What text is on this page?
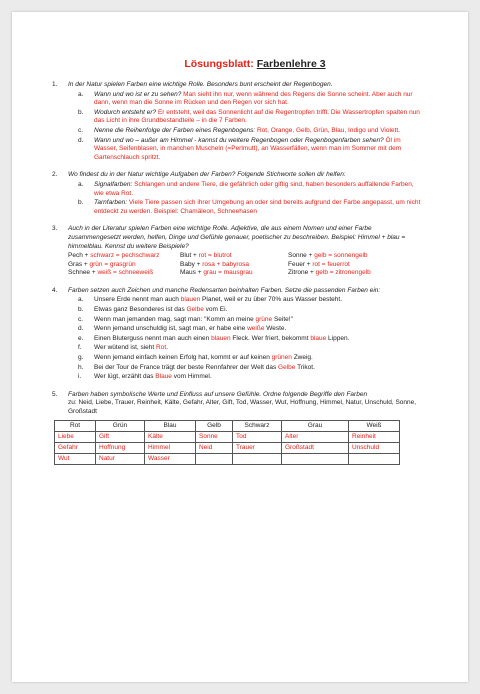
Lösungsblatt: Farbenlehre 3
1.	In der Natur spielen Farben eine wichtige Rolle. Besonders bunt erscheint der Regenbogen.
a.	Wann und wo ist er zu sehen? Man sieht ihn nur, wenn während des Regens die Sonne scheint. Aber auch nur dann, wenn man die Sonne im Rücken und den Regen vor sich hat.
b.	Wodurch entsteht er? Er entsteht, weil das Sonnenlicht auf die Regentropfen trifft. Die Wassertropfen spalten nun das Licht in ihre Grundbestandteile – in die 7 Farben.
c.	Nenne die Reihenfolge der Farben eines Regenbogens: Rot, Orange, Gelb, Grün, Blau, Indigo und Violett.
d.	Wann und wo – außer am Himmel - kannst du weitere Regenbogen oder Regenbogenfarben sehen? Öl im Wasser, Seifenblasen, in manchen Muscheln (=Perlmutt), an Wasserfällen, wenn man im Sommer mit dem Gartenschlauch spritzt.
2.	Wo findest du in der Natur wichtige Aufgaben der Farben? Folgende Stichworte sollen dir helfen:
a.	Signalfarben: Schlangen und andere Tiere, die gefährlich oder giftig sind, haben besonders auffallende Farben, wie etwa Rot.
b.	Tarnfarben: Viele Tiere passen sich ihrer Umgebung an oder sind bereits aufgrund der Farbe angepasst, um nicht entdeckt zu werden. Beispiel: Chamäleon, Schneehasen
3.	Auch in der Literatur spielen Farben eine wichtige Rolle. Adjektive, die aus einem Nomen und einer Farbe zusammengesetzt werden, helfen, Dinge und Gefühle genauer, poetischer zu beschreiben. Beispiel: Himmel + blau = himmelblau. Kennst du weitere Beispiele?
Pech + schwarz = pechschwarz	Blut + rot = blutrot	Sonne + gelb = sonnengelb
Gras + grün = grasgrün	Baby + rosa + babyrosa	Feuer + rot = feuerrot
Schnee + weiß = schneeweiß	Maus + grau = mausgrau	Zitrone + gelb = zitronengelb
4.	Farben setzen auch Zeichen und manche Redensarten beinhalten Farben. Setze die passenden Farben ein:
a.	Unsere Erde nennt man auch blauen Planet, weil er zu über 70% aus Wasser besteht.
b.	Etwas ganz Besonderes ist das Gelbe vom Ei.
c.	Wenn man jemanden mag, sagt man: "Komm an meine grüne Seite!"
d.	Wenn jemand unschuldig ist, sagt man, er habe eine weiße Weste.
e.	Einen Bluterguss nennt man auch einen blauen Fleck. Wer friert, bekommt blaue Lippen.
f.	Wer wütend ist, sieht Rot.
g.	Wenn jemand einfach keinen Erfolg hat, kommt er auf keinen grünen Zweig.
h.	Bei der Tour de France trägt der beste Rennfahrer der Welt das Gelbe Trikot.
i.	Wer lügt, erzählt das Blaue vom Himmel.
5.	Farben haben symbolische Werte und Einfluss auf unsere Gefühle. Ordne folgende Begriffe den Farben
zu: Neid, Liebe, Trauer, Reinheit, Kälte, Gefahr, Alter, Gift, Tod, Wasser, Wut, Hoffnung, Himmel, Natur, Unschuld, Sonne, Großstadt
Rot	Grün	Blau	Gelb	Schwarz	Grau	Weiß
Liebe	Gift	Kälte	Sonne	Tod	Alter	Reinheit
Gefahr	Hoffnung	Himmel	Neid	Trauer	Großstadt	Unschuld
Wut	Natur	Wasser				
